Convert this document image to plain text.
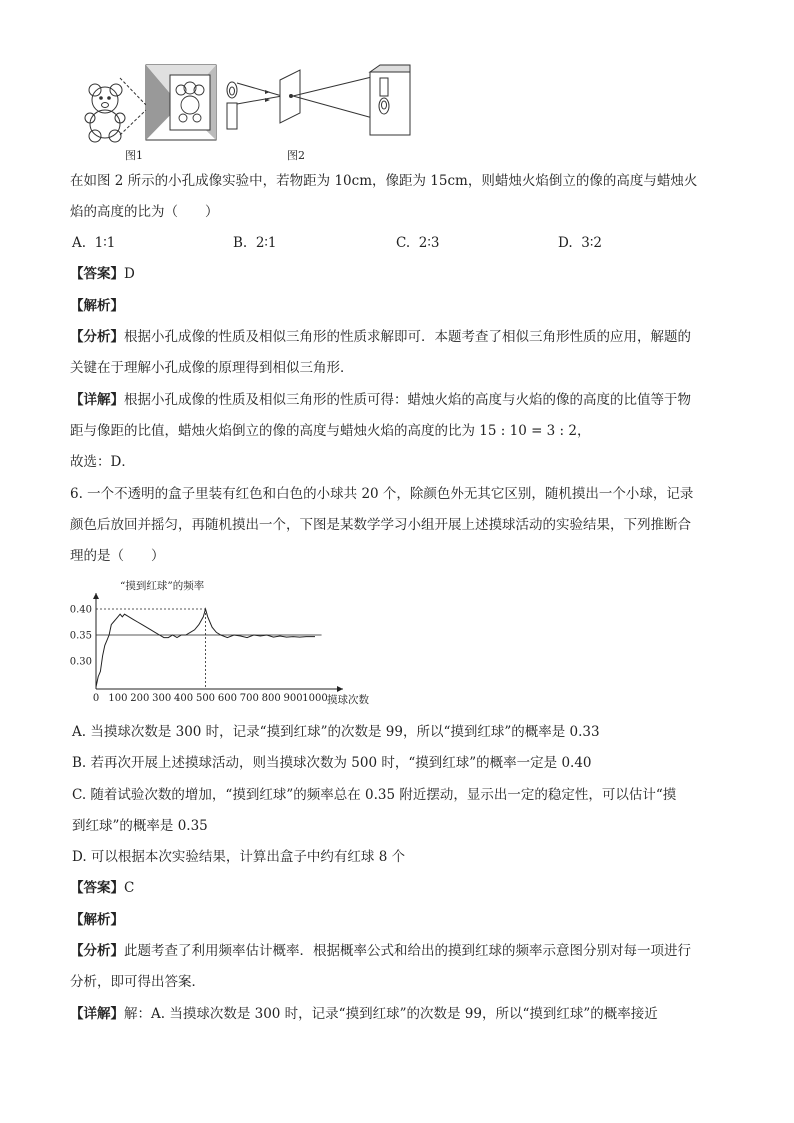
图1	图2
在如图 2 所示的小孔成像实验中，若物距为 10cm，像距为 15cm，则蜡烛火焰倒立的像的高度与蜡烛火
焰的高度的比为（　　）
A. 1∶1	B. 2∶1	C. 2∶3	D. 3∶2
【答案】D
【解析】
【分析】根据小孔成像的性质及相似三角形的性质求解即可．本题考查了相似三角形性质的应用，解题的
关键在于理解小孔成像的原理得到相似三角形．
【详解】根据小孔成像的性质及相似三角形的性质可得：蜡烛火焰的高度与火焰的像的高度的比值等于物
距与像距的比值，蜡烛火焰倒立的像的高度与蜡烛火焰的高度的比为 15 : 10 = 3 : 2，
故选：D．
6. 一个不透明的盒子里装有红色和白色的小球共 20 个，除颜色外无其它区别，随机摸出一个小球，记录
颜色后放回并摇匀，再随机摸出一个，下图是某数学学习小组开展上述摸球活动的实验结果，下列推断合
理的是（　　）
“摸到红球”的频率
0.30
0.35
0.40
0 100 200 300 400 500 600 700 800 900 1000 摸球次数
A. 当摸球次数是 300 时，记录“摸到红球”的次数是 99，所以“摸到红球”的概率是 0.33
B. 若再次开展上述摸球活动，则当摸球次数为 500 时，“摸到红球”的概率一定是 0.40
C. 随着试验次数的增加，“摸到红球”的频率总在 0.35 附近摆动，显示出一定的稳定性，可以估计“摸
到红球”的概率是 0.35
D. 可以根据本次实验结果，计算出盒子中约有红球 8 个
【答案】C
【解析】
【分析】此题考查了利用频率估计概率．根据概率公式和给出的摸到红球的频率示意图分别对每一项进行
分析，即可得出答案．
【详解】解：A. 当摸球次数是 300 时，记录“摸到红球”的次数是 99，所以“摸到红球”的概率接近
